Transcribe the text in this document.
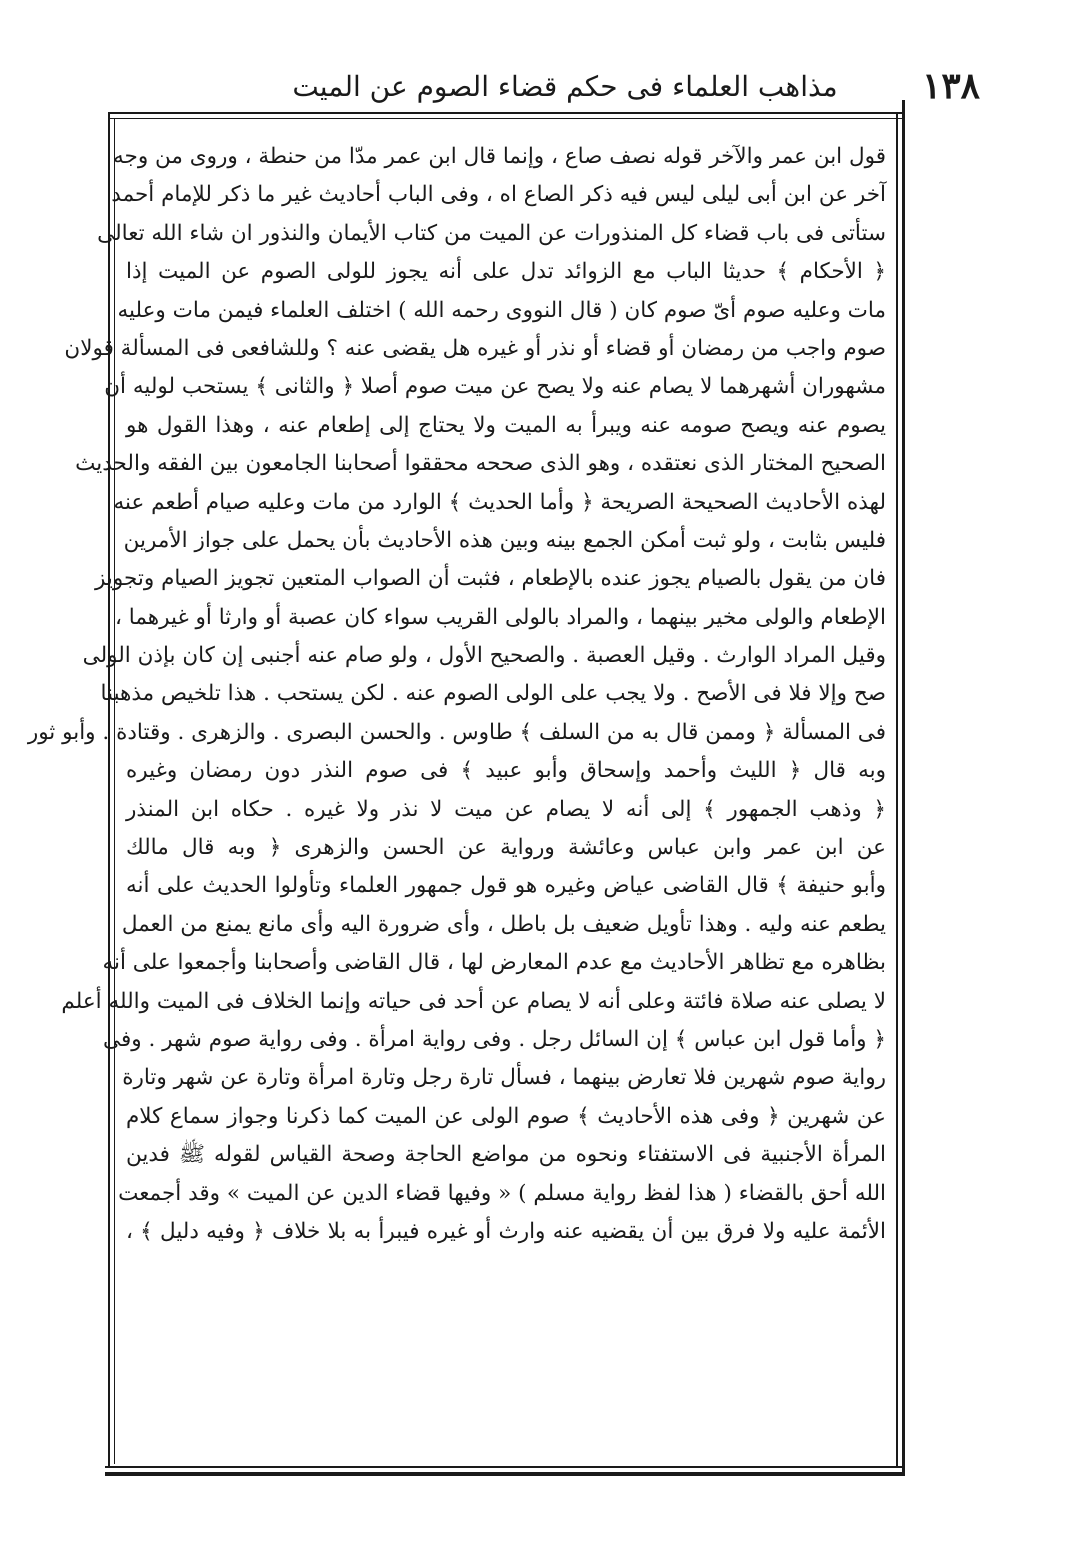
١٣٨
مذاهب العلماء فى حكم قضاء الصوم عن الميت
قول ابن عمر والآخر قوله نصف صاع ، وإنما قال ابن عمر مدّا من حنطة ، وروى من وجه
آخر عن ابن أبى ليلى ليس فيه ذكر الصاع اه ، وفى الباب أحاديث غير ما ذكر للإمام أحمد
ستأتى فى باب قضاء كل المنذورات عن الميت من كتاب الأيمان والنذور ان شاء الله تعالى
﴿ الأحكام ﴾ حديثا الباب مع الزوائد تدل على أنه يجوز للولى الصوم عن الميت إذا
مات وعليه صوم أىّ صوم كان ( قال النووى رحمه الله ) اختلف العلماء فيمن مات وعليه
صوم واجب من رمضان أو قضاء أو نذر أو غيره هل يقضى عنه ؟ وللشافعى فى المسألة قولان
مشهوران أشهرهما لا يصام عنه ولا يصح عن ميت صوم أصلا ﴿ والثانى ﴾ يستحب لوليه أن
يصوم عنه ويصح صومه عنه ويبرأ به الميت ولا يحتاج إلى إطعام عنه ، وهذا القول هو
الصحيح المختار الذى نعتقده ، وهو الذى صححه محققوا أصحابنا الجامعون بين الفقه والحديث
لهذه الأحاديث الصحيحة الصريحة ﴿ وأما الحديث ﴾ الوارد من مات وعليه صيام أطعم عنه
فليس بثابت ، ولو ثبت أمكن الجمع بينه وبين هذه الأحاديث بأن يحمل على جواز الأمرين
فان من يقول بالصيام يجوز عنده بالإطعام ، فثبت أن الصواب المتعين تجويز الصيام وتجويز
الإطعام والولى مخير بينهما ، والمراد بالولى القريب سواء كان عصبة أو وارثا أو غيرهما ،
وقيل المراد الوارث . وقيل العصبة . والصحيح الأول ، ولو صام عنه أجنبى إن كان بإذن الولى
صح وإلا فلا فى الأصح . ولا يجب على الولى الصوم عنه . لكن يستحب . هذا تلخيص مذهبنا
فى المسألة ﴿ وممن قال به من السلف ﴾ طاوس . والحسن البصرى . والزهرى . وقتادة . وأبو ثور
وبه قال ﴿ الليث وأحمد وإسحاق وأبو عبيد ﴾ فى صوم النذر دون رمضان وغيره
﴿ وذهب الجمهور ﴾ إلى أنه لا يصام عن ميت لا نذر ولا غيره . حكاه ابن المنذر
عن ابن عمر وابن عباس وعائشة ورواية عن الحسن والزهرى ﴿ وبه قال مالك
وأبو حنيفة ﴾ قال القاضى عياض وغيره هو قول جمهور العلماء وتأولوا الحديث على أنه
يطعم عنه وليه . وهذا تأويل ضعيف بل باطل ، وأى ضرورة اليه وأى مانع يمنع من العمل
بظاهره مع تظاهر الأحاديث مع عدم المعارض لها ، قال القاضى وأصحابنا وأجمعوا على أنه
لا يصلى عنه صلاة فائتة وعلى أنه لا يصام عن أحد فى حياته وإنما الخلاف فى الميت والله أعلم
﴿ وأما قول ابن عباس ﴾ إن السائل رجل . وفى رواية امرأة . وفى رواية صوم شهر . وفى
رواية صوم شهرين فلا تعارض بينهما ، فسأل تارة رجل وتارة امرأة وتارة عن شهر وتارة
عن شهرين ﴿ وفى هذه الأحاديث ﴾ صوم الولى عن الميت كما ذكرنا وجواز سماع كلام
المرأة الأجنبية فى الاستفتاء ونحوه من مواضع الحاجة وصحة القياس لقوله ﷺ فدين
الله أحق بالقضاء ( هذا لفظ رواية مسلم ) « وفيها قضاء الدين عن الميت » وقد أجمعت
الأئمة عليه ولا فرق بين أن يقضيه عنه وارث أو غيره فيبرأ به بلا خلاف ﴿ وفيه دليل ﴾ ،
